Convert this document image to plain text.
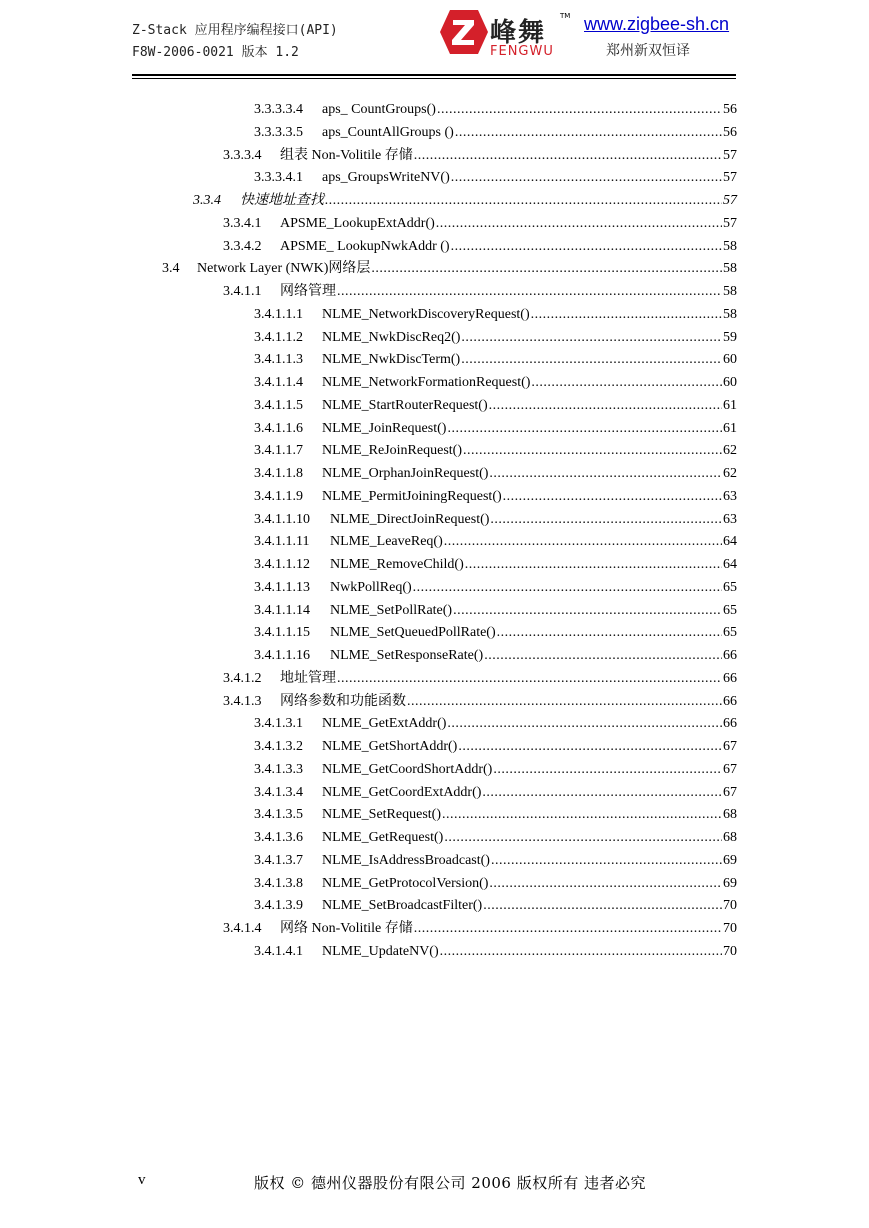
Z-Stack 应用程序编程接口(API)
F8W-2006-0021 版本 1.2
峰舞
TM
FENGWU
www.zigbee-sh.cn
郑州新双恒译
3.3.3.3.4	aps_ CountGroups() .....	56
3.3.3.3.5	aps_CountAllGroups () .....	56
3.3.3.4	组表 Non-Volitile 存储 .....	57
3.3.3.4.1	aps_GroupsWriteNV() .....	57
3.3.4	快速地址查找 .....	57
3.3.4.1	APSME_LookupExtAddr() .....	57
3.3.4.2	APSME_ LookupNwkAddr () .....	58
3.4	Network Layer (NWK)网络层 .....	58
3.4.1.1	网络管理 .....	58
3.4.1.1.1	NLME_NetworkDiscoveryRequest() .....	58
3.4.1.1.2	NLME_NwkDiscReq2() .....	59
3.4.1.1.3	NLME_NwkDiscTerm() .....	60
3.4.1.1.4	NLME_NetworkFormationRequest() .....	60
3.4.1.1.5	NLME_StartRouterRequest() .....	61
3.4.1.1.6	NLME_JoinRequest() .....	61
3.4.1.1.7	NLME_ReJoinRequest() .....	62
3.4.1.1.8	NLME_OrphanJoinRequest() .....	62
3.4.1.1.9	NLME_PermitJoiningRequest() .....	63
3.4.1.1.10	NLME_DirectJoinRequest() .....	63
3.4.1.1.11	NLME_LeaveReq() .....	64
3.4.1.1.12	NLME_RemoveChild() .....	64
3.4.1.1.13	NwkPollReq() .....	65
3.4.1.1.14	NLME_SetPollRate() .....	65
3.4.1.1.15	NLME_SetQueuedPollRate() .....	65
3.4.1.1.16	NLME_SetResponseRate() .....	66
3.4.1.2	地址管理 .....	66
3.4.1.3	网络参数和功能函数 .....	66
3.4.1.3.1	NLME_GetExtAddr() .....	66
3.4.1.3.2	NLME_GetShortAddr() .....	67
3.4.1.3.3	NLME_GetCoordShortAddr() .....	67
3.4.1.3.4	NLME_GetCoordExtAddr() .....	67
3.4.1.3.5	NLME_SetRequest() .....	68
3.4.1.3.6	NLME_GetRequest() .....	68
3.4.1.3.7	NLME_IsAddressBroadcast() .....	69
3.4.1.3.8	NLME_GetProtocolVersion() .....	69
3.4.1.3.9	NLME_SetBroadcastFilter() .....	70
3.4.1.4	网络 Non-Volitile 存储 .....	70
3.4.1.4.1	NLME_UpdateNV() .....	70
v	版权 © 德州仪器股份有限公司 2006 版权所有 违者必究
